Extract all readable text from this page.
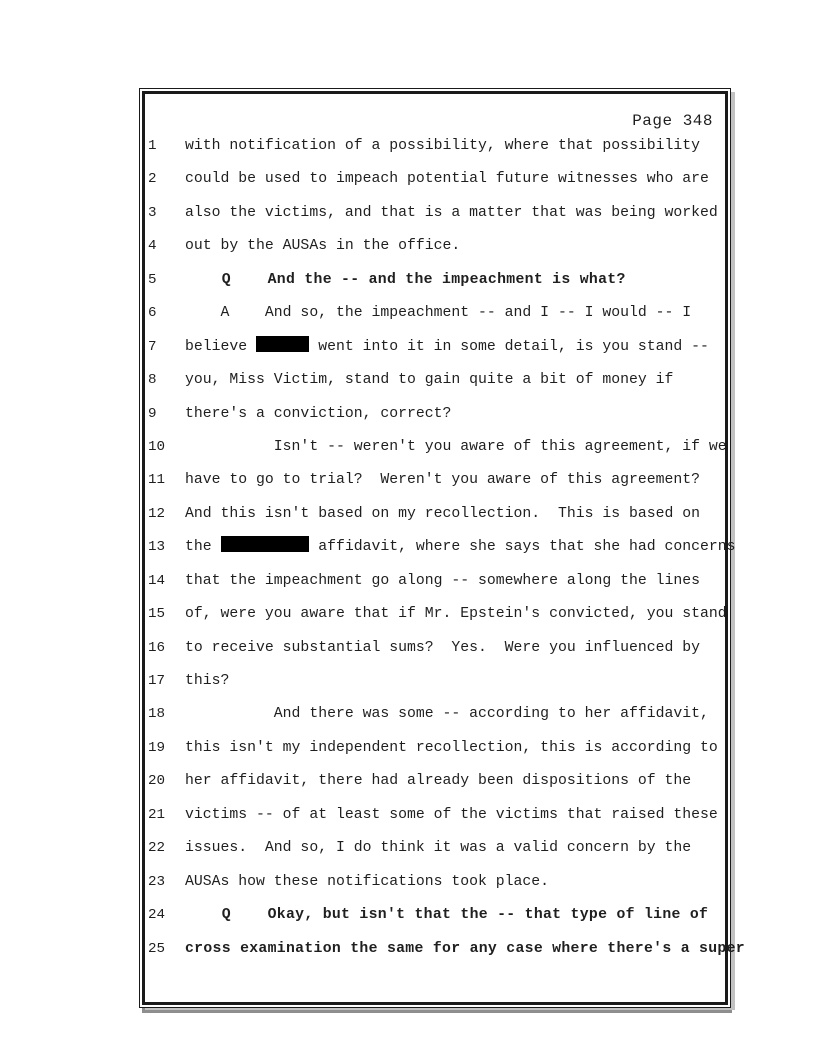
Page 348
1	with notification of a possibility, where that possibility
2	could be used to impeach potential future witnesses who are
3	also the victims, and that is a matter that was being worked
4	out by the AUSAs in the office.
5	Q    And the -- and the impeachment is what?
6	A    And so, the impeachment -- and I -- I would -- I
7	believe	went into it in some detail, is you stand --
8	you, Miss Victim, stand to gain quite a bit of money if
9	there's a conviction, correct?
10	Isn't -- weren't you aware of this agreement, if we
11	have to go to trial?  Weren't you aware of this agreement?
12	And this isn't based on my recollection.  This is based on
13	the	affidavit, where she says that she had concerns
14	that the impeachment go along -- somewhere along the lines
15	of, were you aware that if Mr. Epstein's convicted, you stand
16	to receive substantial sums?  Yes.  Were you influenced by
17	this?
18	And there was some -- according to her affidavit,
19	this isn't my independent recollection, this is according to
20	her affidavit, there had already been dispositions of the
21	victims -- of at least some of the victims that raised these
22	issues.  And so, I do think it was a valid concern by the
23	AUSAs how these notifications took place.
24	Q    Okay, but isn't that the -- that type of line of
25	cross examination the same for any case where there's a super
